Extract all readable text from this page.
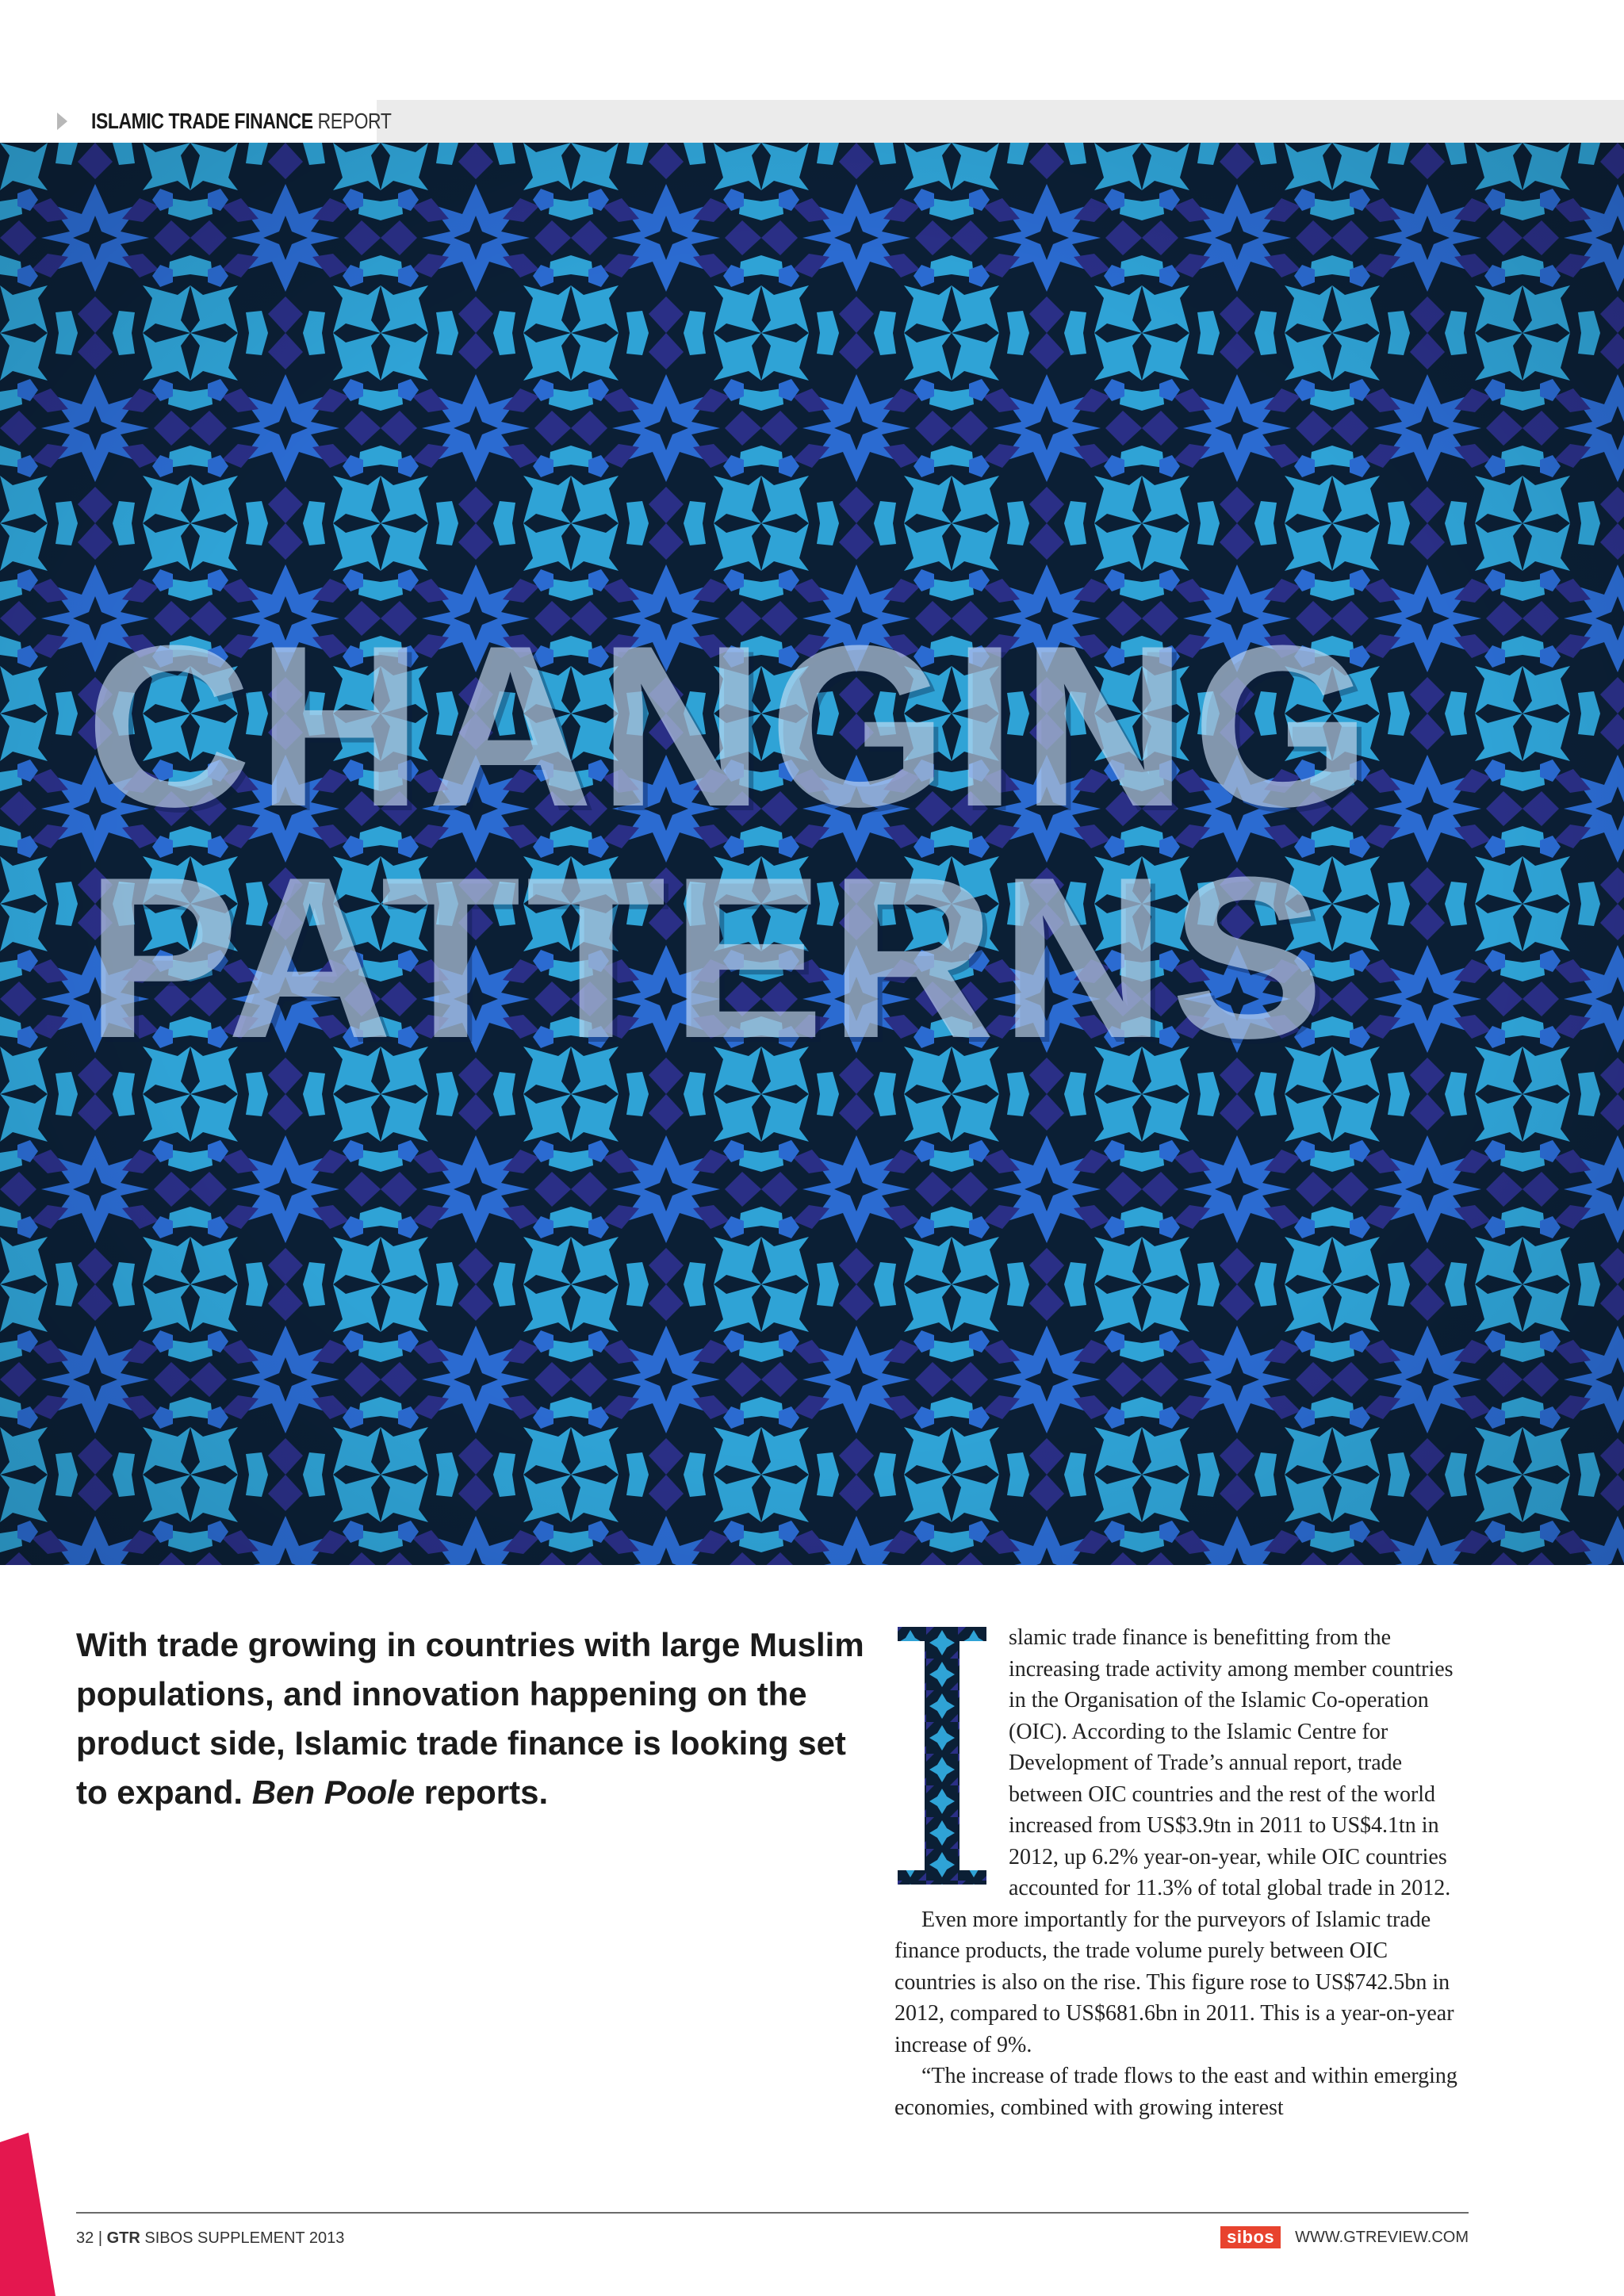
ISLAMIC TRADE FINANCE REPORT
CHANGING
PATTERNS

With trade growing in countries with large Muslim populations, and innovation happening on the product side, Islamic trade finance is looking set to expand. Ben Poole reports.

slamic trade finance is benefitting from the increasing trade activity among member countries in the Organisation of the Islamic Co-operation (OIC). According to the Islamic Centre for Development of Trade’s annual report, trade between OIC countries and the rest of the world increased from US$3.9tn in 2011 to US$4.1tn in 2012, up 6.2% year-on-year, while OIC countries accounted for 11.3% of total global trade in 2012.

Even more importantly for the purveyors of Islamic trade finance products, the trade volume purely between OIC countries is also on the rise. This figure rose to US$742.5bn in 2012, compared to US$681.6bn in 2011. This is a year-on-year increase of 9%.

“The increase of trade flows to the east and within emerging economies, combined with growing interest

32 | GTR SIBOS SUPPLEMENT 2013	sibos	WWW.GTREVIEW.COM
